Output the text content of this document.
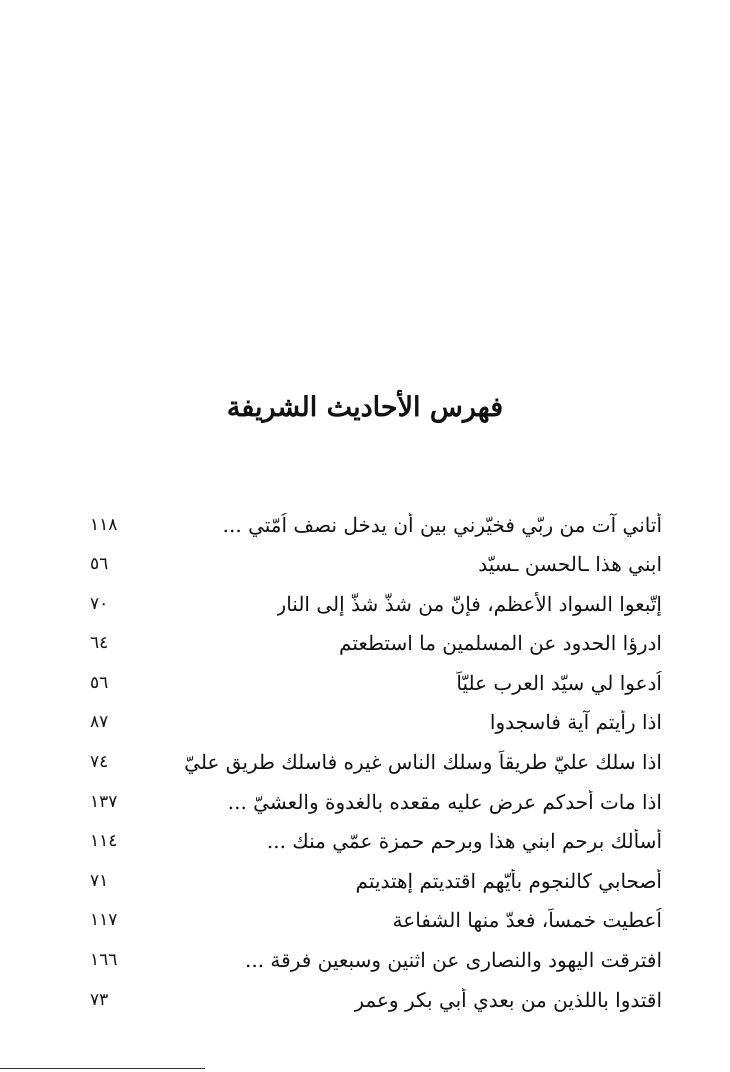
فهرس الأحاديث الشريفة
١١٨	أتاني آت من ربّي فخيّرني بين أن يدخل نصف اُمّتي ...
٥٦	ابني هذا ـالحسن ـسيّد
٧٠	إتّبعوا السواد الأعظم، فإنّ من شذّ شذّ إلى النار
٦٤	ادرؤا الحدود عن المسلمين ما استطعتم
٥٦	اُدعوا لي سيّد العرب عليّاً
٨٧	اذا رأيتم آية فاسجدوا
٧٤	اذا سلك عليّ طريقاً وسلك الناس غيره فاسلك طريق عليّ
١٣٧	اذا مات أحدكم عرض عليه مقعده بالغدوة والعشيّ ...
١١٤	أسألك برحم ابني هذا وبرحم حمزة عمّي منك ...
٧١	أصحابي كالنجوم بأيّهم اقتديتم إهتديتم
١١٧	اُعطيت خمساً، فعدّ منها الشفاعة
١٦٦	افترقت اليهود والنصارى عن اثنين وسبعين فرقة ...
٧٣	اقتدوا باللذين من بعدي أبي بكر وعمر
